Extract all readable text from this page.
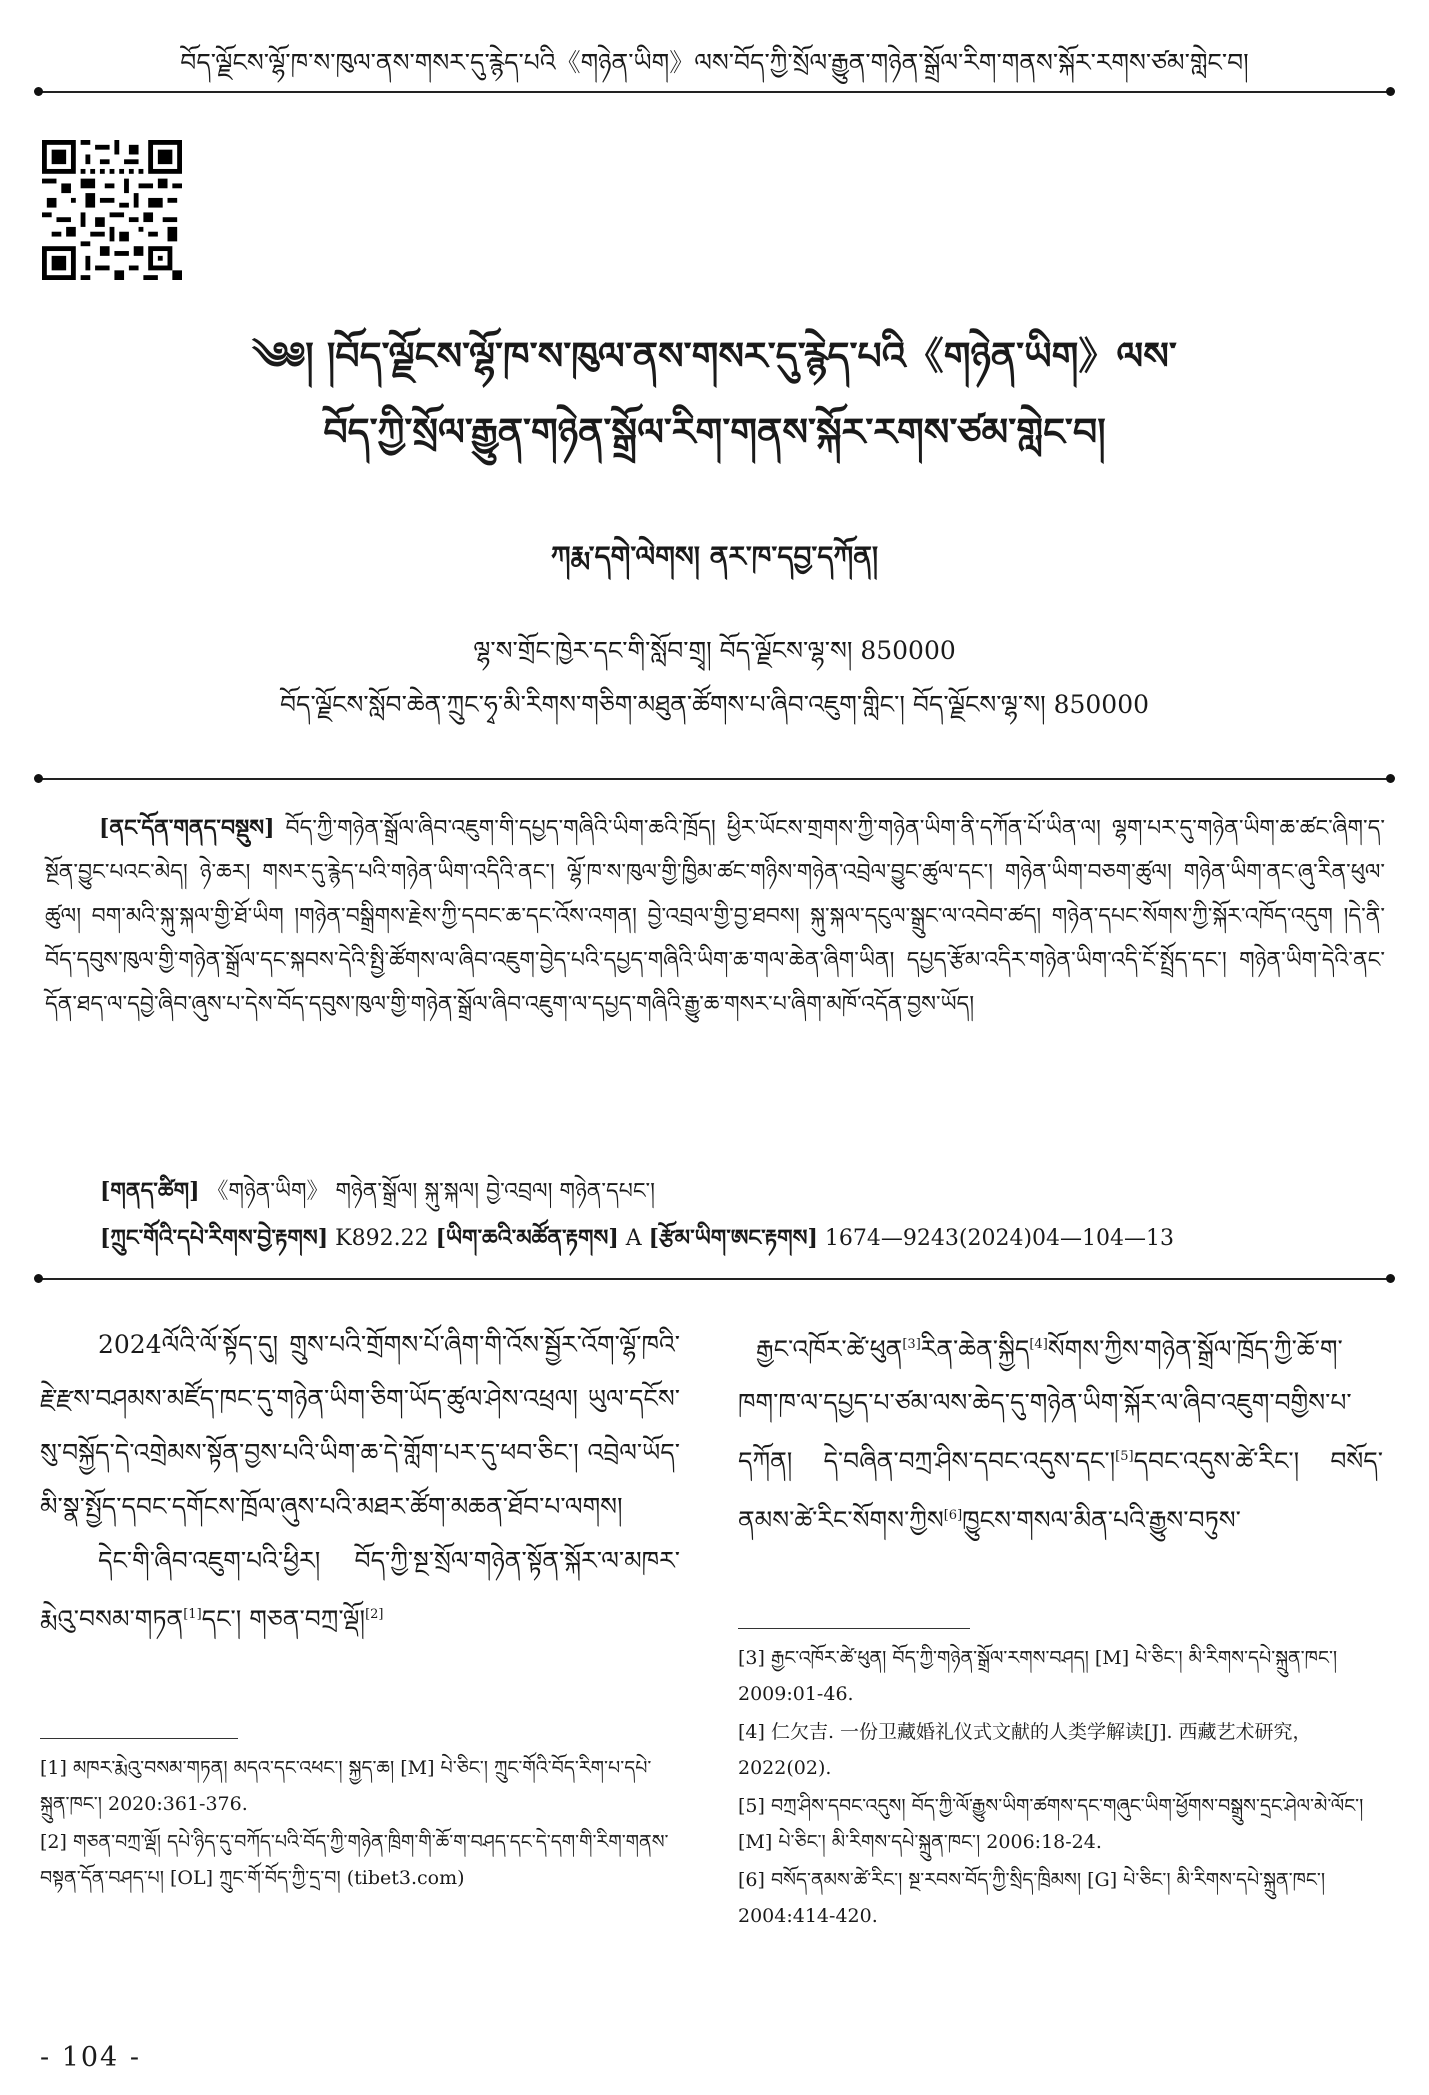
བོད་ལྗོངས་ལྷོ་ཁ་ས་ཁུལ་ནས་གསར་དུ་རྙེད་པའི《གཉེན་ཡིག》ལས་བོད་ཀྱི་སྲོལ་རྒྱུན་གཉེན་སྒྲོལ་རིག་གནས་སྐོར་རགས་ཙམ་གླེང་བ།
༄༅། །བོད་ལྗོངས་ལྷོ་ཁ་ས་ཁུལ་ནས་གསར་དུ་རྙེད་པའི《གཉེན་ཡིག》ལས་
བོད་ཀྱི་སྲོལ་རྒྱུན་གཉེན་སྒྲོལ་རིག་གནས་སྐོར་རགས་ཙམ་གླེང་བ།
ཀརྨ་དགེ་ལེགས། ནར་ཁ་དབྱ་དཀོན།
ལྷ་ས་གྲོང་ཁྱེར་དང་གི་སློབ་གྲྭ། བོད་ལྗོངས་ལྷ་ས། 850000
བོད་ལྗོངས་སློབ་ཆེན་ཀྲུང་ཧྭ་མི་རིགས་གཅིག་མཐུན་ཚོགས་པ་ཞིབ་འཇུག་གླིང་། བོད་ལྗོངས་ལྷ་ས། 850000
[ནང་དོན་གནད་བསྡུས] བོད་ཀྱི་གཉེན་སྒྲོལ་ཞིབ་འཇུག་གི་དཔྱད་གཞིའི་ཡིག་ཆའི་ཁྲོད། ཕྱིར་ཡོངས་གྲགས་ཀྱི་གཉེན་ཡིག་ནི་དཀོན་པོ་ཡིན་ལ། ལྷག་པར་དུ་གཉེན་ཡིག་ཆ་ཚང་ཞིག་ད་སྔོན་བྱུང་པའང་མེད། ཉེ་ཆར། གསར་དུ་རྙེད་པའི་གཉེན་ཡིག་འདིའི་ནང་། ལྷོ་ཁ་ས་ཁུལ་གྱི་ཁྱིམ་ཚང་གཉིས་གཉེན་འབྲེལ་བྱུང་ཚུལ་དང་། གཉེན་ཡིག་བཅག་ཚུལ། གཉེན་ཡིག་ནང་ཞུ་རིན་ཕུལ་ཚུལ། བག་མའི་སྐུ་སྐལ་གྱི་ཐོ་ཡིག །གཉེན་བསྒྲིགས་རྗེས་ཀྱི་དབང་ཆ་དང་འོས་འགན། བྱེ་འབྲལ་གྱི་བྱ་ཐབས། སྐུ་སྐལ་དངུལ་སྒྲུང་ལ་འབེབ་ཚད། གཉེན་དཔང་སོགས་ཀྱི་སྐོར་འཁོད་འདུག །དེ་ནི་བོད་དབུས་ཁུལ་གྱི་གཉེན་སྒྲོལ་དང་སྐབས་དེའི་སྤྱི་ཚོགས་ལ་ཞིབ་འཇུག་བྱེད་པའི་དཔྱད་གཞིའི་ཡིག་ཆ་གལ་ཆེན་ཞིག་ཡིན། དཔྱད་རྩོམ་འདིར་གཉེན་ཡིག་འདི་ངོ་སྤྲོད་དང་། གཉེན་ཡིག་དེའི་ནང་དོན་ཐད་ལ་དབྱེ་ཞིབ་ཞུས་པ་དེས་བོད་དབུས་ཁུལ་གྱི་གཉེན་སྒྲོལ་ཞིབ་འཇུག་ལ་དཔྱད་གཞིའི་རྒྱུ་ཆ་གསར་པ་ཞིག་མཁོ་འདོན་བྱས་ཡོད།
[གནད་ཚིག] 《གཉེན་ཡིག》 གཉེན་སྒྲོལ། སྐུ་སྐལ། བྱེ་འབྲལ། གཉེན་དཔང་།
[ཀྲུང་གོའི་དཔེ་རིགས་བྱེ་རྟགས] K892.22 [ཡིག་ཆའི་མཚོན་རྟགས] A [རྩོམ་ཡིག་ཨང་རྟགས] 1674—9243(2024)04—104—13
2024ལོའི་ལོ་སྟོད་དུ། གྲུས་པའི་གྲོགས་པོ་ཞིག་གི་འོས་སྦྱོར་འོག་ལྷོ་ཁའི་རྗེ་རྫས་བཤམས་མཛོད་ཁང་དུ་གཉེན་ཡིག་ཅིག་ཡོད་ཚུལ་ཤེས་འཕྲལ། ཡུལ་དངོས་སུ་བསྐྱོད་དེ་འགྲེམས་སྟོན་བྱས་པའི་ཡིག་ཆ་དེ་གློག་པར་དུ་ཕབ་ཅིང་། འབྲེལ་ཡོད་མི་སྣ་སྤྱོད་དབང་དགོངས་ཁྲོལ་ཞུས་པའི་མཐར་ཚོག་མཆན་ཐོབ་པ་ལགས།
དེང་གི་ཞིབ་འཇུག་པའི་ཕྱིར། བོད་ཀྱི་སྔ་སྲོལ་གཉེན་སྟོན་སྐོར་ལ་མཁར་རྨེའུ་བསམ་གཏན[1]དང་། གཅན་བཀྲ་ལྡོ།[2]

[1] མཁར་རྨེའུ་བསམ་གཏན། མདའ་དང་འཕང་། སྐྱད་ཆ། [M] པེ་ཅིང་། ཀྲུང་གོའི་བོད་རིག་པ་དཔེ་སྐྲུན་ཁང་། 2020:361-376.

[2] གཅན་བཀྲ་ལྡོ། དཔེ་ཉིད་དུ་བཀོད་པའི་བོད་ཀྱི་གཉེན་ཁྲིག་གི་ཆོ་ག་བཤད་དང་དེ་དག་གི་རིག་གནས་བསྟན་དོན་བཤད་པ། [OL] ཀྲུང་གོ་བོད་ཀྱི་དྲ་བ། (tibet3.com)

རྒྱང་འཁོར་ཚེ་ཕུན[3]རིན་ཆེན་སྐྱིད[4]སོགས་ཀྱིས་གཉེན་སྒྲོལ་ཁྲོད་ཀྱི་ཆོ་ག་ཁག་ཁ་ལ་དཔྱད་པ་ཙམ་ལས་ཆེད་དུ་གཉེན་ཡིག་སྐོར་ལ་ཞིབ་འཇུག་བགྱིས་པ་དཀོན། དེ་བཞིན་བཀྲ་ཤིས་དབང་འདུས་དང་།[5]དབང་འདུས་ཚེ་རིང་། བསོད་ནམས་ཚེ་རིང་སོགས་ཀྱིས[6]ཁྱུངས་གསལ་མིན་པའི་རྒྱུས་བཏུས་

[3] རྒྱང་འཁོར་ཚེ་ཕུན། བོད་ཀྱི་གཉེན་སྒྲོལ་རགས་བཤད། [M] པེ་ཅིང་། མི་རིགས་དཔེ་སྐྲུན་ཁང་། 2009:01-46.

[4] 仁欠吉. 一份卫藏婚礼仪式文献的人类学解读[J]. 西藏艺术研究，2022(02).

[5] བཀྲ་ཤིས་དབང་འདུས། བོད་ཀྱི་ལོ་རྒྱུས་ཡིག་ཚགས་དང་གཞུང་ཡིག་ཕྱོགས་བསྒྲུས་དྲང་ཤེལ་མེ་ལོང་། [M] པེ་ཅིང་། མི་རིགས་དཔེ་སྐྲུན་ཁང་། 2006:18-24.

[6] བསོད་ནམས་ཚེ་རིང་། སྔ་རབས་བོད་ཀྱི་སྲིད་ཁྲིམས། [G] པེ་ཅིང་། མི་རིགས་དཔེ་སྐྲུན་ཁང་། 2004:414-420.

- 104 -
